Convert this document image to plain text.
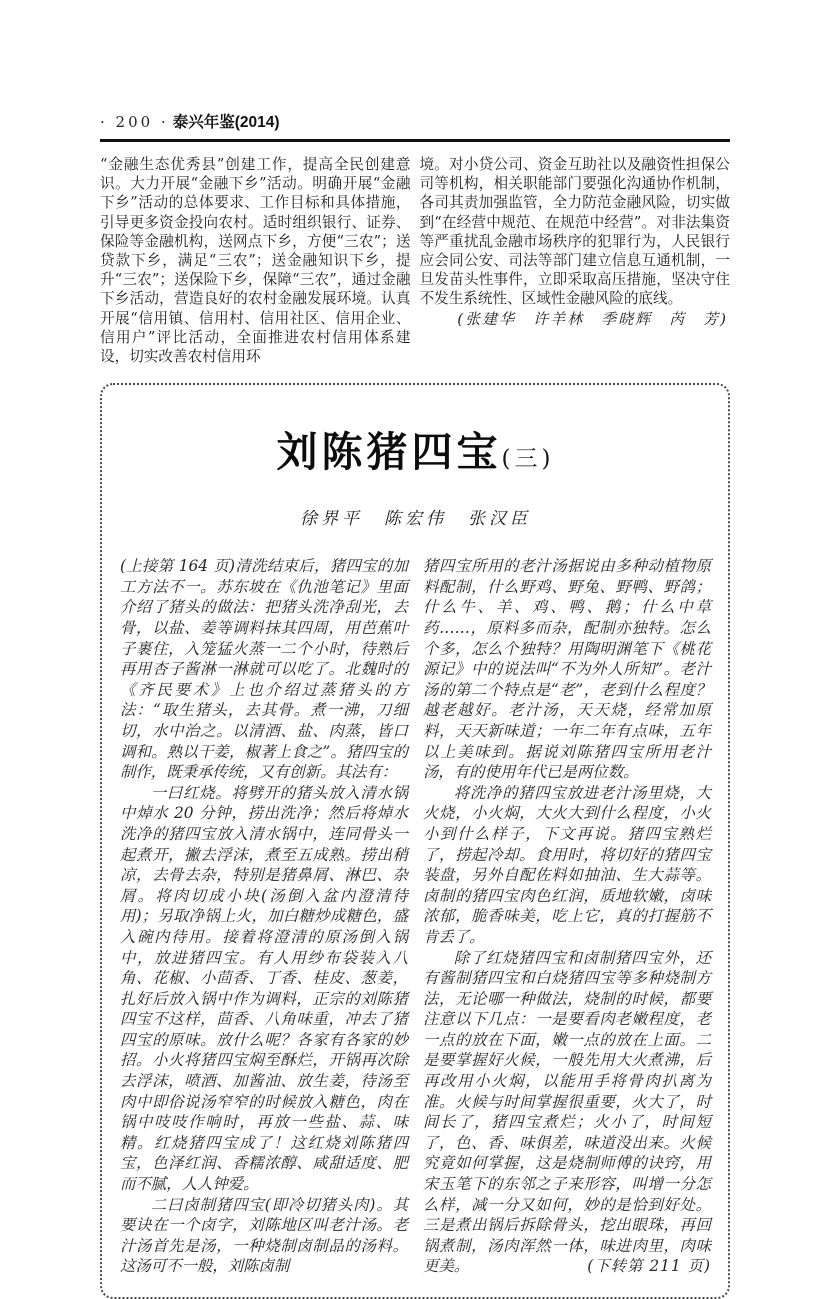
· 200 · 泰兴年鉴(2014)
“金融生态优秀县”创建工作，提高全民创建意识。大力开展“金融下乡”活动。明确开展“金融下乡”活动的总体要求、工作目标和具体措施，引导更多资金投向农村。适时组织银行、证券、保险等金融机构，送网点下乡，方便“三农”；送贷款下乡，满足“三农”；送金融知识下乡，提升“三农”；送保险下乡，保障“三农”，通过金融下乡活动，营造良好的农村金融发展环境。认真开展“信用镇、信用村、信用社区、信用企业、信用户”评比活动，全面推进农村信用体系建设，切实改善农村信用环
境。对小贷公司、资金互助社以及融资性担保公司等机构，相关职能部门要强化沟通协作机制，各司其责加强监管，全力防范金融风险，切实做到“在经营中规范、在规范中经营”。对非法集资等严重扰乱金融市场秩序的犯罪行为，人民银行应会同公安、司法等部门建立信息互通机制，一旦发苗头性事件，立即采取高压措施，坚决守住不发生系统性、区域性金融风险的底线。
(张建华　许羊林　季晓辉　芮　芳)
刘陈猪四宝(三)
徐界平　陈宏伟　张汉臣

(上接第 164 页)清洗结束后，猪四宝的加工方法不一。苏东坡在《仇池笔记》里面介绍了猪头的做法：把猪头洗净刮光，去骨，以盐、姜等调料抹其四周，用芭蕉叶子裹住，入笼猛火蒸一二个小时，待熟后再用杏子酱淋一淋就可以吃了。北魏时的《齐民要术》上也介绍过蒸猪头的方法：“取生猪头，去其骨。煮一沸，刀细切，水中治之。以清酒、盐、肉蒸，皆口调和。熟以干姜，椒著上食之”。猪四宝的制作，既秉承传统，又有创新。其法有：

一曰红烧。将劈开的猪头放入清水锅中焯水 20 分钟，捞出洗净；然后将焯水洗净的猪四宝放入清水锅中，连同骨头一起煮开，撇去浮沫，煮至五成熟。捞出稍凉，去骨去杂，特别是猪鼻屑、淋巴、杂屑。将肉切成小块(汤倒入盆内澄清待用)；另取净锅上火，加白糖炒成糖色，盛入碗内待用。接着将澄清的原汤倒入锅中，放进猪四宝。有人用纱布袋装入八角、花椒、小茴香、丁香、桂皮、葱姜，扎好后放入锅中作为调料，正宗的刘陈猪四宝不这样，茴香、八角味重，冲去了猪四宝的原味。放什么呢？各家有各家的妙招。小火将猪四宝焖至酥烂，开锅再次除去浮沫，喷酒、加酱油、放生姜，待汤至肉中即俗说汤窄窄的时候放入糖色，肉在锅中吱吱作响时，再放一些盐、蒜、味精。红烧猪四宝成了！这红烧刘陈猪四宝，色泽红润、香糯浓醇、咸甜适度、肥而不腻，人人钟爱。

二曰卤制猪四宝(即冷切猪头肉)。其要诀在一个卤字，刘陈地区叫老汁汤。老汁汤首先是汤，一种烧制卤制品的汤料。这汤可不一般，刘陈卤制

猪四宝所用的老汁汤据说由多种动植物原料配制，什么野鸡、野兔、野鸭、野鸽；什么牛、羊、鸡、鸭、鹅；什么中草药……，原料多而杂，配制亦独特。怎么个多，怎么个独特？用陶明渊笔下《桃花源记》中的说法叫“不为外人所知”。老汁汤的第二个特点是“老”，老到什么程度？越老越好。老汁汤，天天烧，经常加原料，天天新味道；一年二年有点味，五年以上美味到。据说刘陈猪四宝所用老汁汤，有的使用年代已是两位数。

将洗净的猪四宝放进老汁汤里烧，大火烧，小火焖，大火大到什么程度，小火小到什么样子，下文再说。猪四宝熟烂了，捞起冷却。食用时，将切好的猪四宝装盘，另外自配佐料如抽油、生大蒜等。卤制的猪四宝肉色红润，质地软嫩，卤味浓郁，脆香味美，吃上它，真的打握筋不肯丢了。

除了红烧猪四宝和卤制猪四宝外，还有酱制猪四宝和白烧猪四宝等多种烧制方法，无论哪一种做法，烧制的时候，都要注意以下几点：一是要看肉老嫩程度，老一点的放在下面，嫩一点的放在上面。二是要掌握好火候，一般先用大火煮沸，后再改用小火焖，以能用手将骨肉扒离为准。火候与时间掌握很重要，火大了，时间长了，猪四宝煮烂；火小了，时间短了，色、香、味俱差，味道没出来。火候究竟如何掌握，这是烧制师傅的诀窍，用宋玉笔下的东邻之子来形容，叫增一分怎么样，减一分又如何，妙的是恰到好处。三是煮出锅后拆除骨头，挖出眼珠，再回锅煮制，汤肉浑然一体，味进肉里，肉味更美。	(下转第 211 页)
